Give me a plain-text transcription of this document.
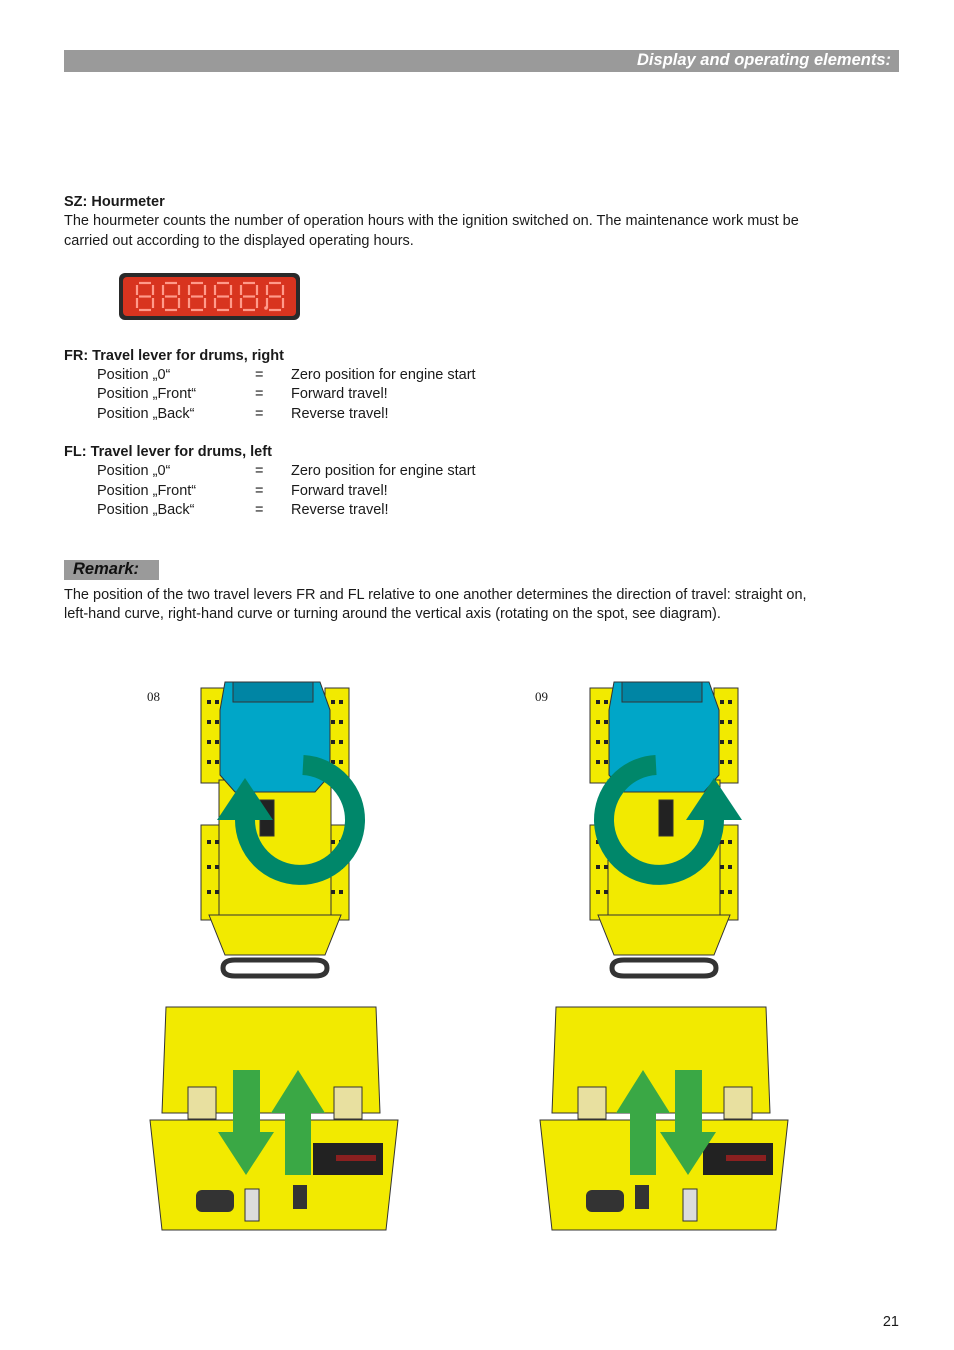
Display and operating elements:
SZ: Hourmeter
The hourmeter counts the number of operation hours with the ignition switched on. The maintenance work must be
carried out according to the displayed operating hours.
FR: Travel lever for drums, right
Position „0“	= Zero position for engine start
Position „Front“	= Forward travel!
Position „Back“	= Reverse travel!
FL: Travel lever for drums, left
Position „0“	= Zero position for engine start
Position „Front“	= Forward travel!
Position „Back“	= Reverse travel!
Remark:
The position of the two travel levers FR and FL relative to one another determines the direction of travel: straight on,
left-hand curve, right-hand curve or turning around the vertical axis (rotating on the spot, see diagram).
08	09
21
